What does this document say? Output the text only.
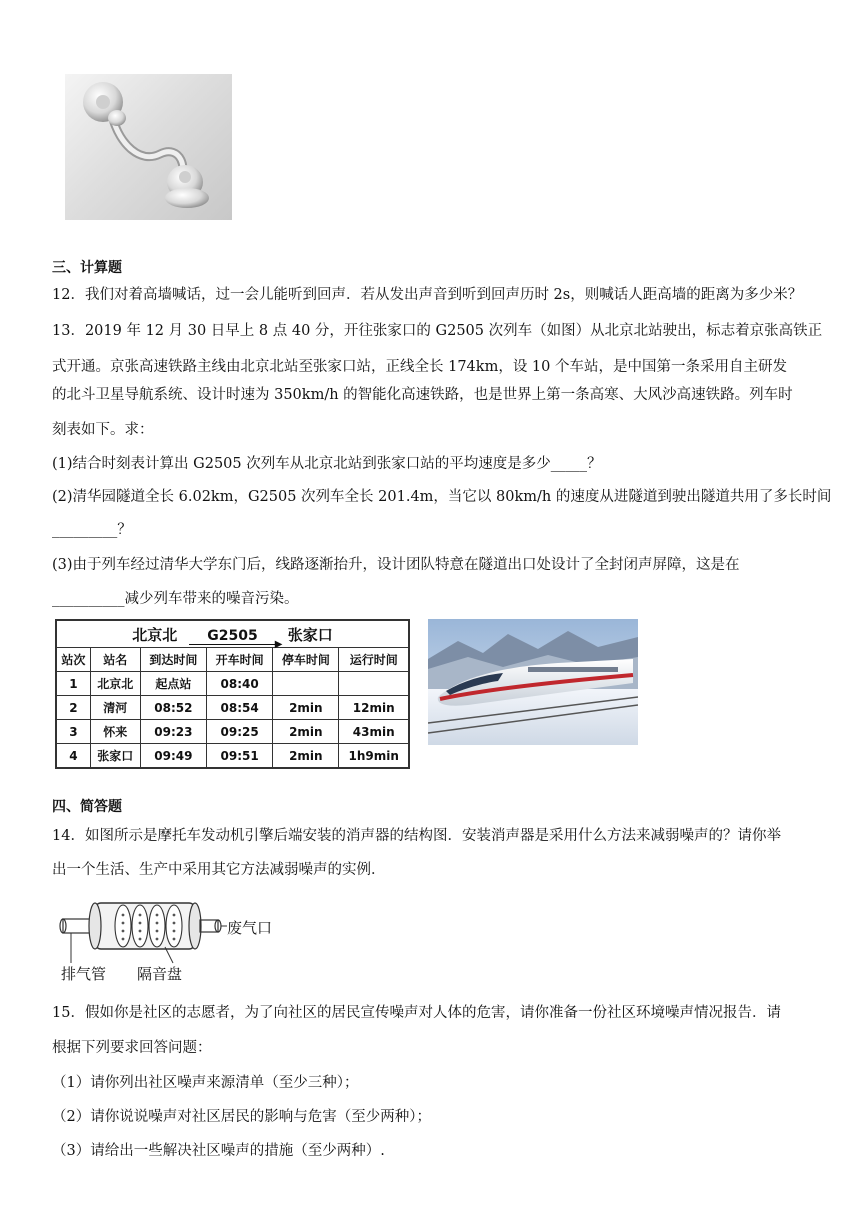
三、计算题
12．我们对着高墙喊话，过一会儿能听到回声．若从发出声音到听到回声历时 2s，则喊话人距高墙的距离为多少米？
13．2019 年 12 月 30 日早上 8 点 40 分，开往张家口的 G2505 次列车（如图）从北京北站驶出，标志着京张高铁正
式开通。京张高速铁路主线由北京北站至张家口站，正线全长 174km，设 10 个车站，是中国第一条采用自主研发
的北斗卫星导航系统、设计时速为 350km/h 的智能化高速铁路，也是世界上第一条高寒、大风沙高速铁路。列车时
刻表如下。求：
(1)结合时刻表计算出 G2505 次列车从北京北站到张家口站的平均速度是多少_____？
(2)清华园隧道全长 6.02km，G2505 次列车全长 201.4m，当它以 80km/h 的速度从进隧道到驶出隧道共用了多长时间
_________？
(3)由于列车经过清华大学东门后，线路逐渐抬升，设计团队特意在隧道出口处设计了全封闭声屏障，这是在
__________减少列车带来的噪音污染。
北京北 G2505
▶
张家口					
站次	站名	到达时间	开车时间	停车时间	运行时间
1	北京北	起点站	08:40		
2	清河	08:52	08:54	2min	12min
3	怀来	09:23	09:25	2min	43min
4	张家口	09:49	09:51	2min	1h9min
四、简答题
14．如图所示是摩托车发动机引擎后端安装的消声器的结构图．安装消声器是采用什么方法来减弱噪声的？请你举
出一个生活、生产中采用其它方法减弱噪声的实例．
排气管 隔音盘
废气口
15．假如你是社区的志愿者，为了向社区的居民宣传噪声对人体的危害，请你准备一份社区环境噪声情况报告．请
根据下列要求回答问题：
（1）请你列出社区噪声来源清单（至少三种）；
（2）请你说说噪声对社区居民的影响与危害（至少两种）；
（3）请给出一些解决社区噪声的措施（至少两种）.
